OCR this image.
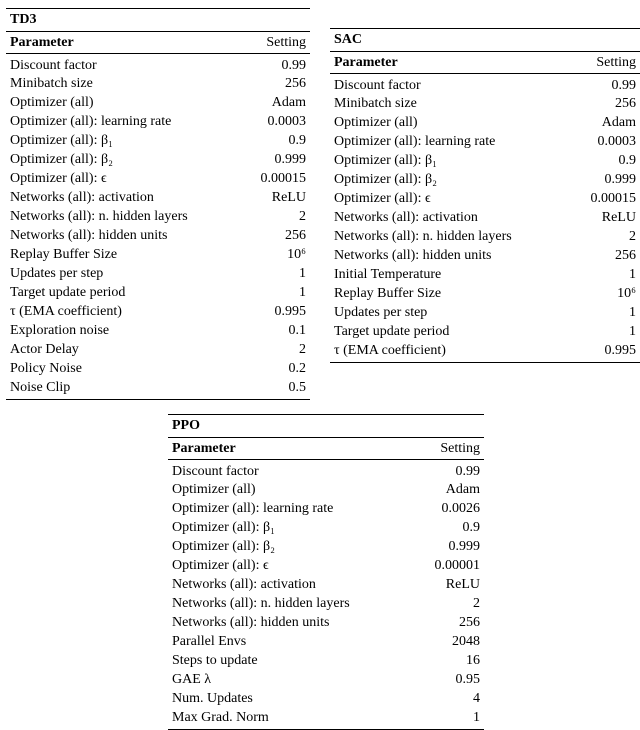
TD3
Parameter	Setting
Discount factor	0.99
Minibatch size	256
Optimizer (all)	Adam
Optimizer (all): learning rate	0.0003
Optimizer (all): β₁	0.9
Optimizer (all): β₂	0.999
Optimizer (all): ϵ	0.00015
Networks (all): activation	ReLU
Networks (all): n. hidden layers	2
Networks (all): hidden units	256
Replay Buffer Size	10⁶
Updates per step	1
Target update period	1
τ (EMA coefficient)	0.995
Exploration noise	0.1
Actor Delay	2
Policy Noise	0.2
Noise Clip	0.5
SAC
Parameter	Setting
Discount factor	0.99
Minibatch size	256
Optimizer (all)	Adam
Optimizer (all): learning rate	0.0003
Optimizer (all): β₁	0.9
Optimizer (all): β₂	0.999
Optimizer (all): ϵ	0.00015
Networks (all): activation	ReLU
Networks (all): n. hidden layers	2
Networks (all): hidden units	256
Initial Temperature	1
Replay Buffer Size	10⁶
Updates per step	1
Target update period	1
τ (EMA coefficient)	0.995
PPO
Parameter	Setting
Discount factor	0.99
Optimizer (all)	Adam
Optimizer (all): learning rate	0.0026
Optimizer (all): β₁	0.9
Optimizer (all): β₂	0.999
Optimizer (all): ϵ	0.00001
Networks (all): activation	ReLU
Networks (all): n. hidden layers	2
Networks (all): hidden units	256
Parallel Envs	2048
Steps to update	16
GAE λ	0.95
Num. Updates	4
Max Grad. Norm	1
